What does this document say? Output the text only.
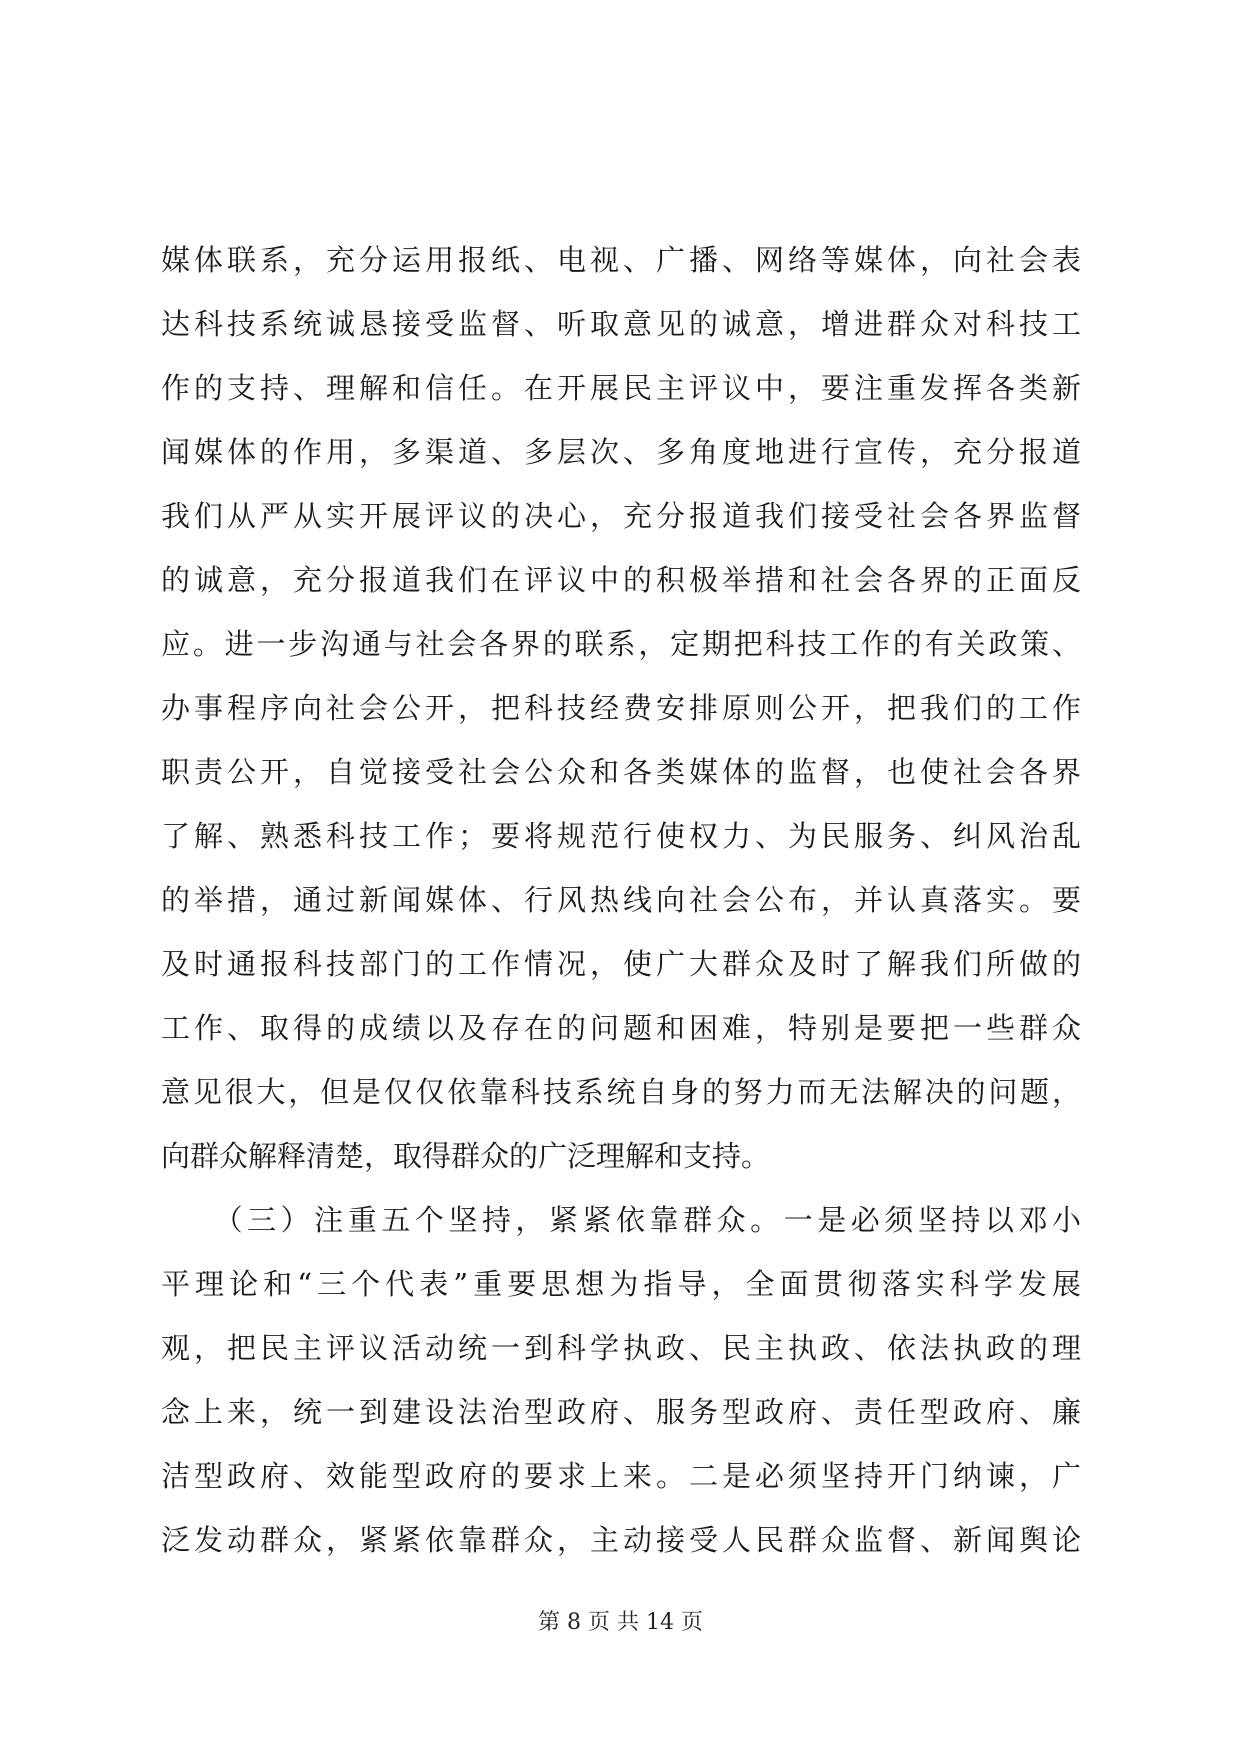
媒体联系，充分运用报纸、电视、广播、网络等媒体，向社会表
达科技系统诚恳接受监督、听取意见的诚意，增进群众对科技工
作的支持、理解和信任。在开展民主评议中，要注重发挥各类新
闻媒体的作用，多渠道、多层次、多角度地进行宣传，充分报道
我们从严从实开展评议的决心，充分报道我们接受社会各界监督
的诚意，充分报道我们在评议中的积极举措和社会各界的正面反
应。进一步沟通与社会各界的联系，定期把科技工作的有关政策、
办事程序向社会公开，把科技经费安排原则公开，把我们的工作
职责公开，自觉接受社会公众和各类媒体的监督，也使社会各界
了解、熟悉科技工作；要将规范行使权力、为民服务、纠风治乱
的举措，通过新闻媒体、行风热线向社会公布，并认真落实。要
及时通报科技部门的工作情况，使广大群众及时了解我们所做的
工作、取得的成绩以及存在的问题和困难，特别是要把一些群众
意见很大，但是仅仅依靠科技系统自身的努力而无法解决的问题，
向群众解释清楚，取得群众的广泛理解和支持。
　　（三）注重五个坚持，紧紧依靠群众。一是必须坚持以邓小
平理论和“三个代表”重要思想为指导，全面贯彻落实科学发展
观，把民主评议活动统一到科学执政、民主执政、依法执政的理
念上来，统一到建设法治型政府、服务型政府、责任型政府、廉
洁型政府、效能型政府的要求上来。二是必须坚持开门纳谏，广
泛发动群众，紧紧依靠群众，主动接受人民群众监督、新闻舆论
第 8 页 共 14 页
